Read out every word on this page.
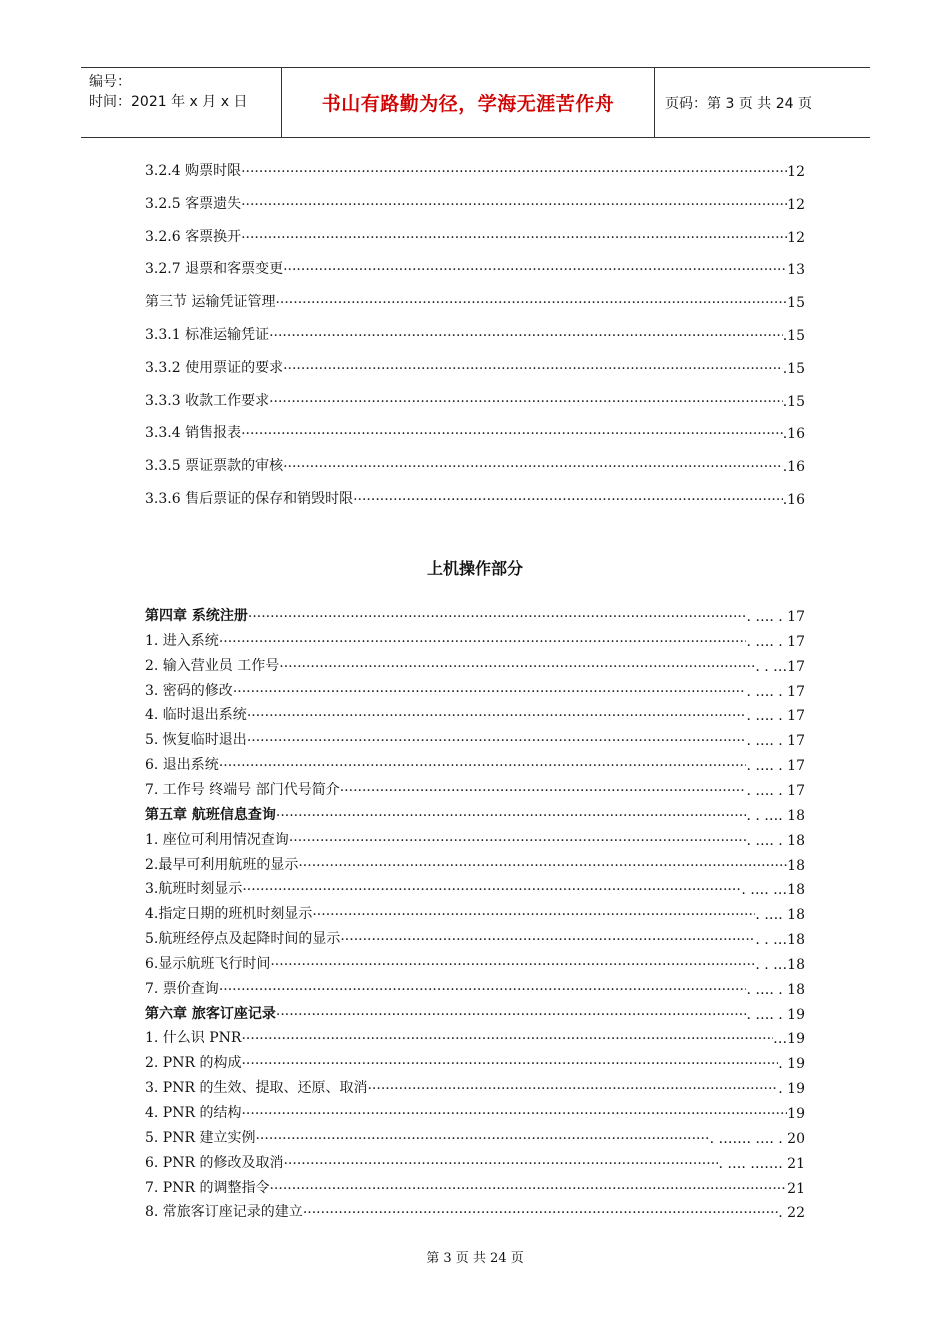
编号：
时间：2021 年 x 月 x 日	书山有路勤为径，学海无涯苦作舟	页码：第 3 页 共 24 页
3.2.4 购票时限 ·····	12
3.2.5 客票遗失 ·····	12
3.2.6 客票换开 ·····	12
3.2.7 退票和客票变更 ·····	13
第三节 运输凭证管理 ·····	15
3.3.1 标准运输凭证 ·····	.15
3.3.2 使用票证的要求 ·····	.15
3.3.3 收款工作要求 ·····	.15
3.3.4 销售报表 ·····	.16
3.3.5 票证票款的审核 ·····	.16
3.3.6 售后票证的保存和销毁时限 ·····	.16
上机操作部分
第四章 系统注册 ·····	. …. . 17
1. 进入系统 ·····	. …. . 17
2. 输入营业员 工作号 ·····	. . …17
3. 密码的修改 ·····	. …. . 17
4. 临时退出系统 ·····	. …. . 17
5. 恢复临时退出 ·····	. …. . 17
6. 退出系统 ·····	. …. . 17
7. 工作号 终端号 部门代号简介 ·····	. …. . 17
第五章 航班信息查询 ·····	. . …. 18
1. 座位可利用情况查询 ·····	. …. . 18
2.最早可利用航班的显示 ·····	18
3.航班时刻显示 ·····	. …. …18
4.指定日期的班机时刻显示 ·····	. …. 18
5.航班经停点及起降时间的显示 ·····	. . …18
6.显示航班飞行时间 ·····	. . …18
7. 票价查询 ·····	. …. . 18
第六章 旅客订座记录 ·····	. …. . 19
1. 什么识 PNR ·····	…19
2. PNR 的构成 ·····	. 19
3. PNR 的生效、提取、还原、取消 ·····	. 19
4. PNR 的结构 ·····	19
5. PNR 建立实例 ·····	. ……. …. . 20
6. PNR 的修改及取消 ·····	. …. ……. 21
7. PNR 的调整指令 ·····	21
8. 常旅客订座记录的建立 ·····	. 22
第 3 页 共 24 页
